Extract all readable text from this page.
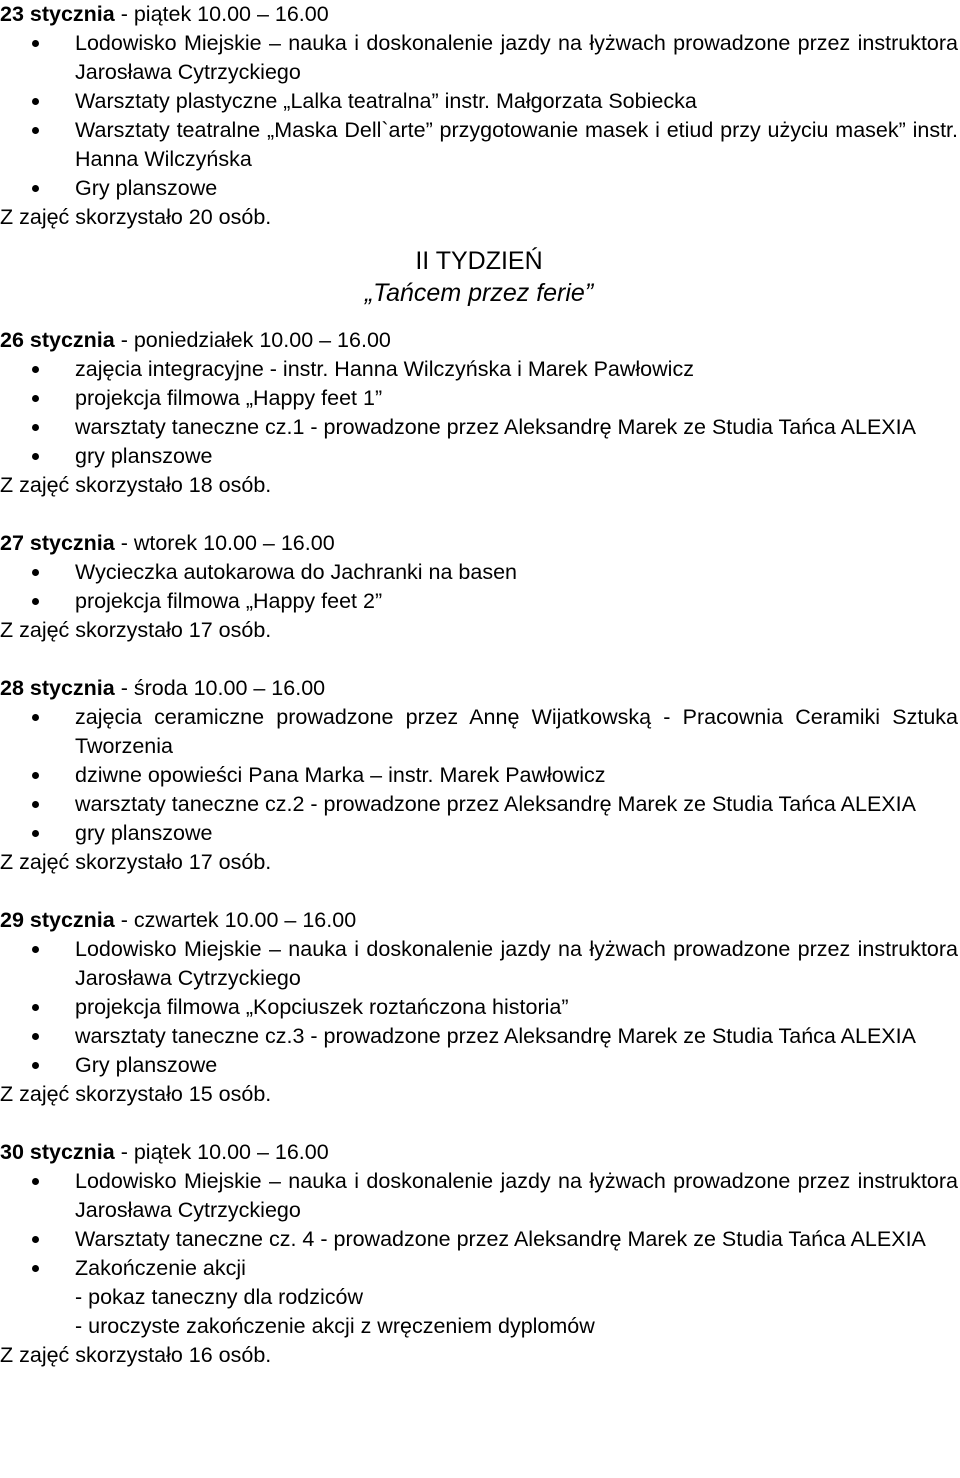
23 stycznia - piątek 10.00 – 16.00

Lodowisko Miejskie – nauka i doskonalenie jazdy na łyżwach prowadzone przez instruktora Jarosława Cytrzyckiego
Warsztaty plastyczne „Lalka teatralna” instr. Małgorzata Sobiecka
Warsztaty teatralne „Maska Dell`arte” przygotowanie masek i etiud przy użyciu masek” instr. Hanna Wilczyńska
Gry planszowe

Z zajęć skorzystało 20 osób.

II TYDZIEŃ
„Tańcem przez ferie”

26 stycznia - poniedziałek 10.00 – 16.00

zajęcia integracyjne - instr. Hanna Wilczyńska i Marek Pawłowicz
projekcja filmowa „Happy feet 1”
warsztaty taneczne cz.1 - prowadzone przez Aleksandrę Marek ze Studia Tańca ALEXIA
gry planszowe

Z zajęć skorzystało 18 osób.

27 stycznia - wtorek 10.00 – 16.00

Wycieczka autokarowa do Jachranki na basen
projekcja filmowa „Happy feet 2”

Z zajęć skorzystało 17 osób.

28 stycznia - środa 10.00 – 16.00

zajęcia ceramiczne prowadzone przez Annę Wijatkowską - Pracownia Ceramiki Sztuka Tworzenia
dziwne opowieści Pana Marka – instr. Marek Pawłowicz
warsztaty taneczne cz.2 - prowadzone przez Aleksandrę Marek ze Studia Tańca ALEXIA
gry planszowe

Z zajęć skorzystało 17 osób.

29 stycznia - czwartek 10.00 – 16.00

Lodowisko Miejskie – nauka i doskonalenie jazdy na łyżwach prowadzone przez instruktora Jarosława Cytrzyckiego
projekcja filmowa „Kopciuszek roztańczona historia”
warsztaty taneczne cz.3 - prowadzone przez Aleksandrę Marek ze Studia Tańca ALEXIA
Gry planszowe

Z zajęć skorzystało 15 osób.

30 stycznia - piątek 10.00 – 16.00

Lodowisko Miejskie – nauka i doskonalenie jazdy na łyżwach prowadzone przez instruktora Jarosława Cytrzyckiego
Warsztaty taneczne cz. 4 - prowadzone przez Aleksandrę Marek ze Studia Tańca ALEXIA
Zakończenie akcji
- pokaz taneczny dla rodziców
- uroczyste zakończenie akcji z wręczeniem dyplomów

Z zajęć skorzystało 16 osób.
